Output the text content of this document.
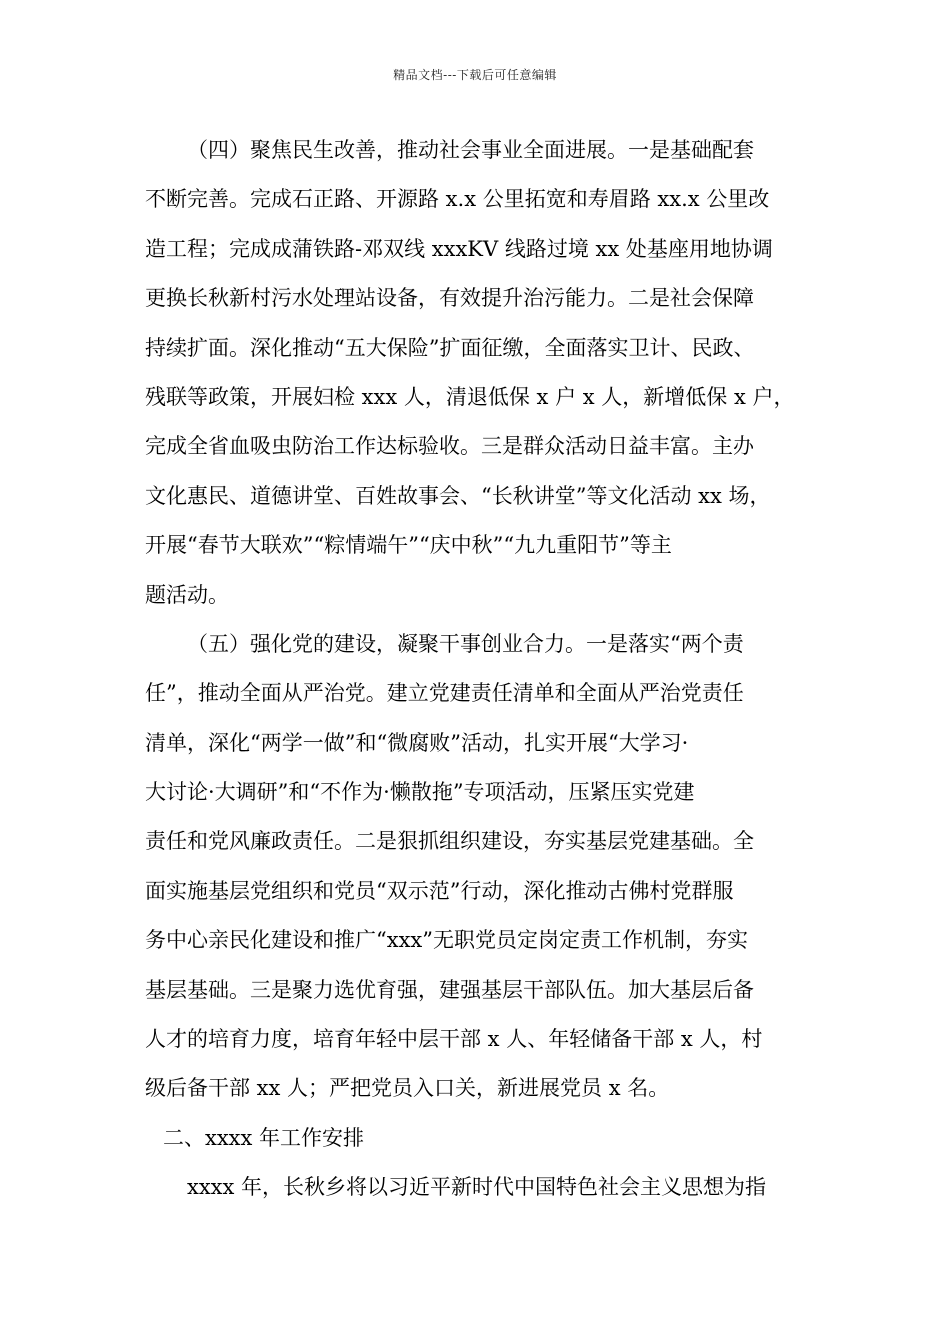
精品文档---下载后可任意编辑
（四）聚焦民生改善，推动社会事业全面进展。一是基础配套
不断完善。完成石正路、开源路 x.x 公里拓宽和寿眉路 xx.x 公里改
造工程；完成成蒲铁路-邓双线 xxxKV 线路过境 xx 处基座用地协调
更换长秋新村污水处理站设备，有效提升治污能力。二是社会保障
持续扩面。深化推动“五大保险”扩面征缴，全面落实卫计、民政、
残联等政策，开展妇检 xxx 人，清退低保 x 户 x 人，新增低保 x 户，
完成全省血吸虫防治工作达标验收。三是群众活动日益丰富。主办
文化惠民、道德讲堂、百姓故事会、“长秋讲堂”等文化活动 xx 场，
开展“春节大联欢”“粽情端午”“庆中秋”“九九重阳节”等主
题活动。
（五）强化党的建设，凝聚干事创业合力。一是落实“两个责
任”，推动全面从严治党。建立党建责任清单和全面从严治党责任
清单，深化“两学一做”和“微腐败”活动，扎实开展“大学习·
大讨论·大调研”和“不作为·懒散拖”专项活动，压紧压实党建
责任和党风廉政责任。二是狠抓组织建设，夯实基层党建基础。全
面实施基层党组织和党员“双示范”行动，深化推动古佛村党群服
务中心亲民化建设和推广“xxx”无职党员定岗定责工作机制，夯实
基层基础。三是聚力选优育强，建强基层干部队伍。加大基层后备
人才的培育力度，培育年轻中层干部 x 人、年轻储备干部 x 人，村
级后备干部 xx 人；严把党员入口关，新进展党员 x 名。
二、xxxx 年工作安排
xxxx 年，长秋乡将以习近平新时代中国特色社会主义思想为指
